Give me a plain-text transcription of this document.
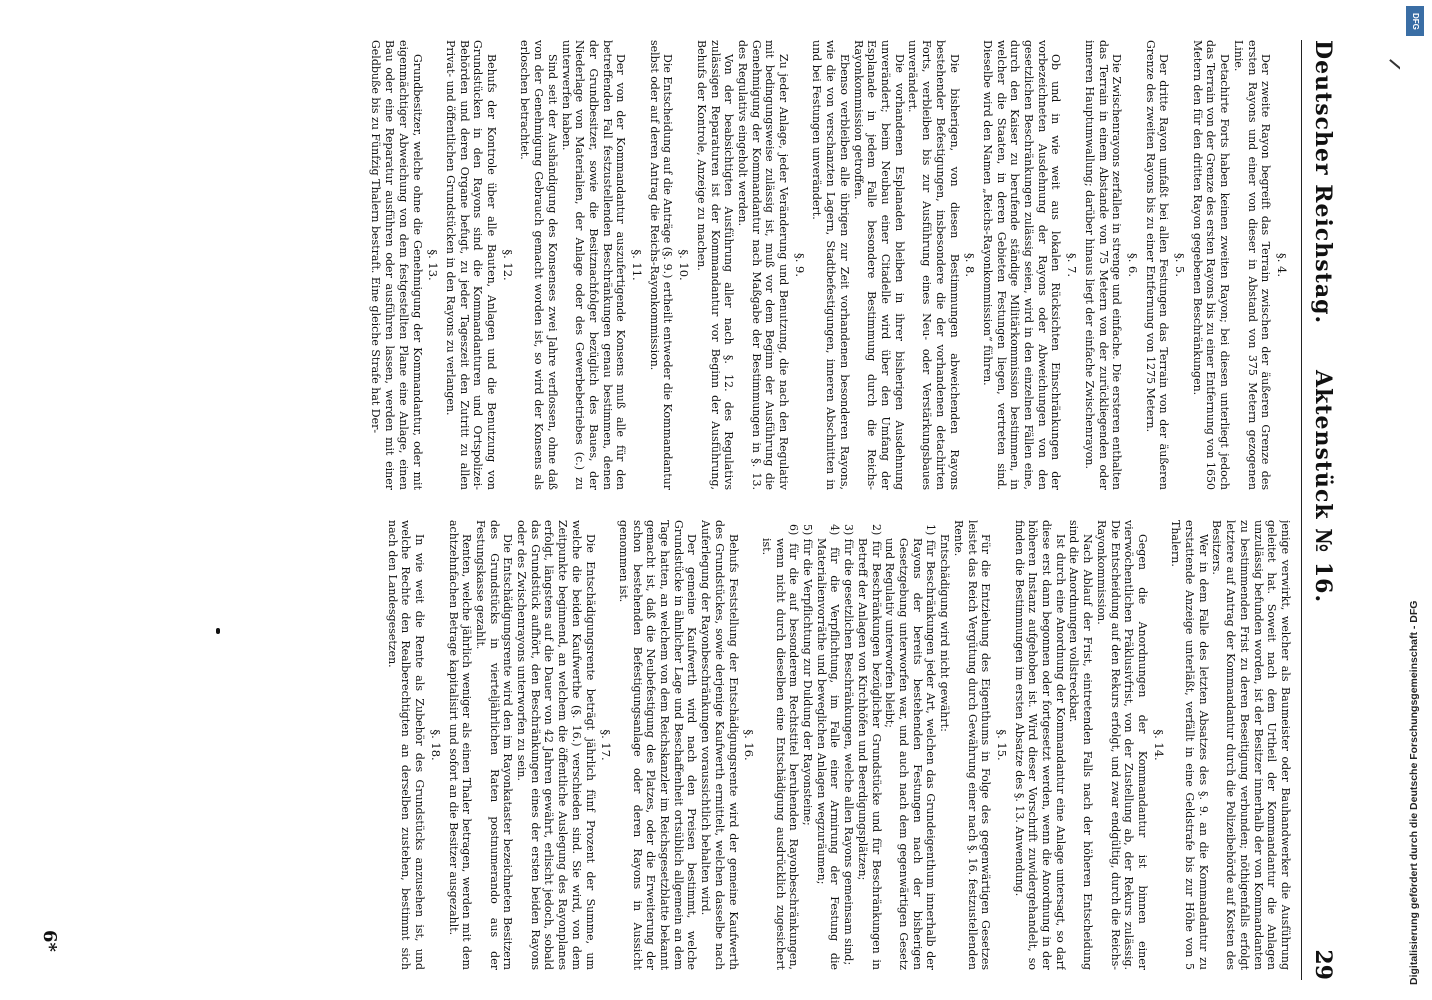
Deutscher Reichstag.
Aktenstück № 16.
29
§. 4.

Der zweite Rayon begreift das Terrain zwischen der äußeren Grenze des ersten Rayons und einer von dieser in Abstand von 375 Metern gezogenen Linie.

Detachirte Forts haben keinen zweiten Rayon; bei diesen unterliegt jedoch das Terrain von der Grenze des ersten Rayons bis zu einer Entfernung von 1650 Metern den für den dritten Rayon gegebenen Beschränkungen.

§. 5.

Der dritte Rayon umfaßt bei allen Festungen das Terrain von der äußeren Grenze des zweiten Rayons bis zu einer Entfernung von 1275 Metern.

§. 6.

Die Zwischenrayons zerfallen in strenge und einfache. Die ersteren enthalten das Terrain in einem Abstande von 75 Metern von der zurückliegenden oder inneren Hauptumwallung; darüber hinaus liegt der einfache Zwischenrayon.

§. 7.

Ob und in wie weit aus lokalen Rücksichten Einschränkungen der vorbezeichneten Ausdehnung der Rayons oder Abweichungen von den gesetzlichen Beschränkungen zulässig seien, wird in den einzelnen Fällen eine, durch den Kaiser zu berufende ständige Militärkommission bestimmen, in welcher die Staaten, in deren Gebieten Festungen liegen, vertreten sind. Dieselbe wird den Namen „Reichs-Rayonkommission“ führen.

§. 8.

Die bisherigen, von diesen Bestimmungen abweichenden Rayons bestehender Befestigungen, insbesondere die der vorhandenen detachirten Forts, verbleiben bis zur Ausführung eines Neu- oder Verstärkungsbaues unverändert.

Die vorhandenen Esplanaden bleiben in ihrer bisherigen Ausdehnung unverändert; beim Neubau einer Citadelle wird über den Umfang der Esplanade in jedem Falle besondere Bestimmung durch die Reichs-Rayonkommission getroffen.

Ebenso verbleiben alle übrigen zur Zeit vorhandenen besonderen Rayons, wie die von verschanzten Lagern, Stadtbefestigungen, inneren Abschnitten in und bei Festungen unverändert.

§. 9.

Zu jeder Anlage, jeder Veränderung und Benutzung, die nach den Regulativ mit bedingungsweise zulässig ist, muß vor dem Beginn der Ausführung die Genehmigung der Kommandantur nach Maßgabe der Bestimmungen in §. 13. des Regulativs eingeholt werden.

Von der beabsichtigten Ausführung aller nach §. 12. des Regulativs zulässigen Reparaturen ist der Kommandantur vor Beginn der Ausführung, Behufs der Kontrole, Anzeige zu machen.

§. 10.

Die Entscheidung auf die Anträge (§. 9.) ertheilt entweder die Kommandantur selbst oder auf deren Antrag die Reichs-Rayonkommission.

§. 11.

Der von der Kommandantur auszufertigende Konsens muß alle für den betreffenden Fall festzustellenden Beschränkungen genau bestimmen, denen der Grundbesitzer, sowie die Besitznachfolger bezüglich des Baues, der Niederlage von Materialien, der Anlage oder des Gewerbebetriebes (c.) zu unterwerfen haben.

Sind seit der Aushändigung des Konsenses zwei Jahre verflossen, ohne daß von der Genehmigung Gebrauch gemacht worden ist, so wird der Konsens als erloschen betrachtet.

§. 12.

Behufs der Kontrole über alle Bauten, Anlagen und die Benutzung von Grundstücken in den Rayons sind die Kommandanturen und Ortspolizei-Behörden und deren Organe befugt, zu jeder Tageszeit den Zutritt zu allen Privat- und öffentlichen Grundstücken in den Rayons zu verlangen.

§. 13.

Grundbesitzer, welche ohne die Genehmigung der Kommandantur, oder mit eigenmächtiger Abweichung von dem festgestellten Plane eine Anlage, einen Bau oder eine Reparatur ausführen oder ausführen lassen, werden mit einer Geldbuße bis zu Fünfzig Thalern bestraft. Eine gleiche Strafe hat Der-

jenige verwirkt, welcher als Baumeister oder Bauhandwerker die Ausführung geleitet hat. Soweit nach dem Urtheil der Kommandantur die Anlagen unzulässig befunden worden, ist der Besitzer innerhalb der von Kommandanten zu bestimmenden Frist zu deren Beseitigung verbunden; nöthigenfalls erfolgt letztere auf Antrag der Kommandantur durch die Polizeibehörde auf Kosten des Besitzers.

Wer in dem Falle des letzten Absatzes des §. 9. an die Kommandantur zu erstattende Anzeige unterläßt, verfällt in eine Geldstrafe bis zur Höhe von 5 Thalern.

§. 14.

Gegen die Anordnungen der Kommandantur ist binnen einer vierwöchentlichen Präklusivfrist, von der Zustellung ab, der Rekurs zulässig. Die Entscheidung auf den Rekurs erfolgt, und zwar endgültig, durch die Reichs-Rayonkommission.

Nach Ablauf der Frist, eintretenden Falls nach der höheren Entscheidung sind die Anordnungen vollstreckbar.

Ist durch eine Anordnung der Kommandantur eine Anlage untersagt, so darf diese erst dann begonnen oder fortgesetzt werden, wenn die Anordnung in der höheren Instanz aufgehoben ist. Wird dieser Vorschrift zuwidergehandelt, so finden die Bestimmungen im ersten Absatze des §. 13. Anwendung.

§. 15.

Für die Entziehung des Eigenthums in Folge des gegenwärtigen Gesetzes leistet das Reich Vergütung durch Gewährung einer nach §. 16. festzustellenden Rente.

Entschädigung wird nicht gewährt:

1) für Beschränkungen jeder Art, welchen das Grundeigenthum innerhalb der Rayons der bereits bestehenden Festungen nach der bisherigen Gesetzgebung unterworfen war, und auch nach dem gegenwärtigen Gesetz und Regulativ unterworfen bleibt;

2) für Beschränkungen bezüglicher Grundstücke und für Beschränkungen in Betreff der Anlagen von Kirchhöfen und Beerdigungsplätzen;

3) für die gesetzlichen Beschränkungen, welche allen Rayons gemeinsam sind;

4) für die Verpflichtung, im Falle einer Armirung der Festung die Materialienvorräthe und beweglichen Anlagen wegzuräumen;

5) für die Verpflichtung zur Duldung der Rayonsteine;

6) für die auf besonderem Rechtstitel beruhenden Rayonbeschränkungen, wenn nicht durch dieselben eine Entschädigung ausdrücklich zugesichert ist.

§. 16.

Behufs Feststellung der Entschädigungsrente wird der gemeine Kaufwerth des Grundstückes, sowie derjenige Kaufwerth ermittelt, welchen dasselbe nach Auferlegung der Rayonbeschränkungen voraussichtlich behalten wird.

Der gemeine Kaufwerth wird nach den Preisen bestimmt, welche Grundstücke in ähnlicher Lage und Beschaffenheit ortsüblich allgemein an dem Tage hatten, an welchem von dem Reichskanzler im Reichsgesetzblatte bekannt gemacht ist, daß die Neubefestigung des Platzes, oder die Erweiterung der schon bestehenden Befestigungsanlage oder deren Rayons in Aussicht genommen ist.

§. 17.

Die Entschädigungsrente beträgt jährlich fünf Prozent der Summe, um welche die beiden Kaufwerthe (§. 16.) verschieden sind. Sie wird, von dem Zeitpunkte beginnend, an welchem die öffentliche Auslegung des Rayonplanes erfolgt, längstens auf die Dauer von 42 Jahren gewährt, erlischt jedoch, sobald das Grundstück aufhört, den Beschränkungen eines der ersten beiden Rayons oder des Zwischenrayons unterworfen zu sein.

Die Entschädigungsrente wird den im Rayonkataster bezeichneten Besitzern des Grundstücks in vierteljährlichen Raten postnumerando aus der Festungskasse gezahlt.

Renten, welche jährlich weniger als einen Thaler betragen, werden mit dem achtzehnfachen Betrage kapitalisirt und sofort an die Besitzer ausgezahlt.

§. 18.

In wie weit die Rente als Zubehör des Grundstücks anzusehen ist, und welche Rechte den Realberechtigten an derselben zustehen, bestimmt sich nach den Landesgesetzen.

6*
DFG
Digitalisierung gefördert durch die Deutsche Forschungsgemeinschaft - DFG
